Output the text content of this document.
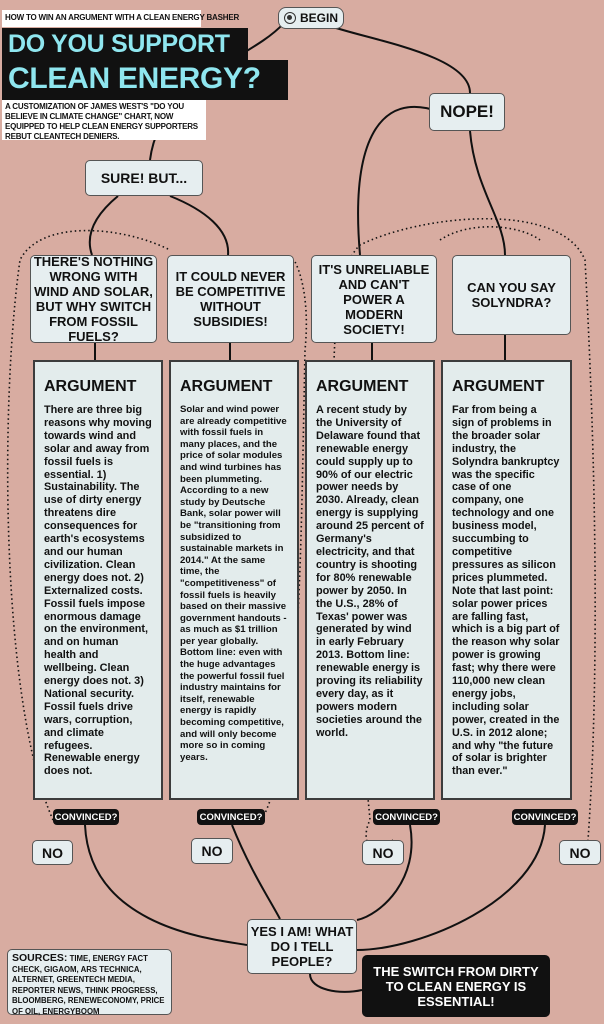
HOW TO WIN AN ARGUMENT WITH A CLEAN ENERGY BASHER
DO YOU SUPPORT
CLEAN ENERGY?
A CUSTOMIZATION OF JAMES WEST'S "DO YOU BELIEVE IN CLIMATE CHANGE" CHART, NOW EQUIPPED TO HELP CLEAN ENERGY SUPPORTERS REBUT CLEANTECH DENIERS.
BEGIN
NOPE!
SURE! BUT...
THERE'S NOTHING WRONG WITH WIND AND SOLAR, BUT WHY SWITCH FROM FOSSIL FUELS?
IT COULD NEVER BE COMPETITIVE WITHOUT SUBSIDIES!
IT'S UNRELIABLE AND CAN'T POWER A MODERN SOCIETY!
CAN YOU SAY SOLYNDRA?
ARGUMENT

There are three big reasons why moving towards wind and solar and away from fossil fuels is essential. 1) Sustainability. The use of dirty energy threatens dire consequences for earth's ecosystems and our human civilization. Clean energy does not. 2) Externalized costs. Fossil fuels impose enormous damage on the environment, and on human health and wellbeing. Clean energy does not. 3) National security. Fossil fuels drive wars, corruption, and climate refugees. Renewable energy does not.

ARGUMENT

Solar and wind power are already competitive with fossil fuels in many places, and the price of solar modules and wind turbines has been plummeting. According to a new study by Deutsche Bank, solar power will be "transitioning from subsidized to sustainable markets in 2014." At the same time, the "competitiveness" of fossil fuels is heavily based on their massive government handouts - as much as $1 trillion per year globally. Bottom line: even with the huge advantages the powerful fossil fuel industry maintains for itself, renewable energy is rapidly becoming competitive, and will only become more so in coming years.

ARGUMENT

A recent study by the University of Delaware found that renewable energy could supply up to 90% of our electric power needs by 2030. Already, clean energy is supplying around 25 percent of Germany's electricity, and that country is shooting for 80% renewable power by 2050. In the U.S., 28% of Texas' power was generated by wind in early February 2013. Bottom line: renewable energy is proving its reliability every day, as it powers modern societies around the world.

ARGUMENT

Far from being a sign of problems in the broader solar industry, the Solyndra bankruptcy was the specific case of one company, one technology and one business model, succumbing to competitive pressures as silicon prices plummeted. Note that last point: solar power prices are falling fast, which is a big part of the reason why solar power is growing fast; why there were 110,000 new clean energy jobs, including solar power, created in the U.S. in 2012 alone; and why "the future of solar is brighter than ever."

CONVINCED?	CONVINCED?	CONVINCED?	CONVINCED?
NO	NO	NO	NO
YES I AM! WHAT DO I TELL PEOPLE?
SOURCES: TIME, ENERGY FACT CHECK, GIGAOM, ARS TECHNICA, ALTERNET, GREENTECH MEDIA, REPORTER NEWS, THINK PROGRESS, BLOOMBERG, RENEWECONOMY, PRICE OF OIL, ENERGYBOOM
THE SWITCH FROM DIRTY TO CLEAN ENERGY IS ESSENTIAL!
